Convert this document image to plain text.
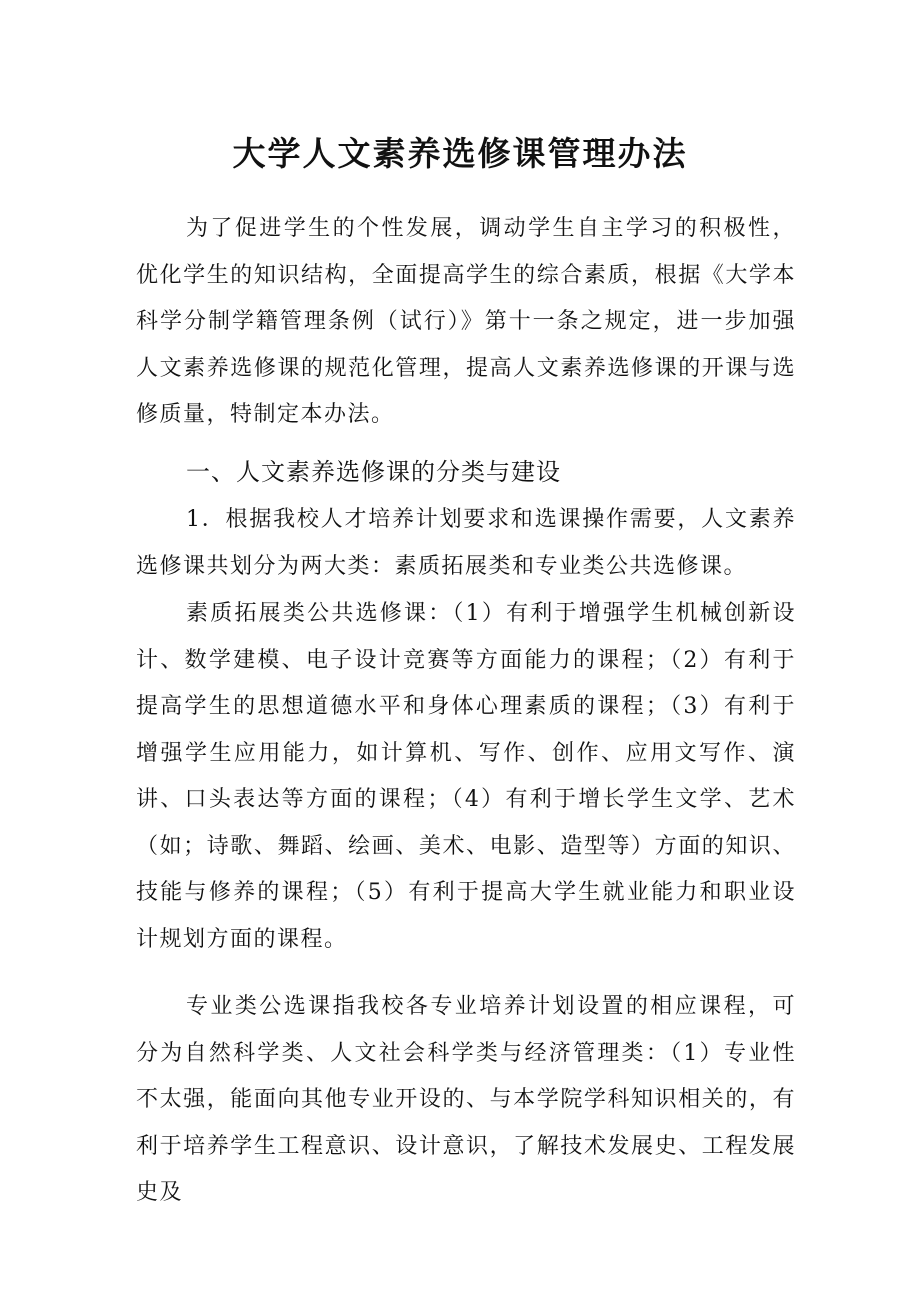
大学人文素养选修课管理办法

为了促进学生的个性发展，调动学生自主学习的积极性，优化学生的知识结构，全面提高学生的综合素质，根据《大学本科学分制学籍管理条例（试行）》第十一条之规定，进一步加强人文素养选修课的规范化管理，提高人文素养选修课的开课与选修质量，特制定本办法。

一、人文素养选修课的分类与建设

1．根据我校人才培养计划要求和选课操作需要，人文素养选修课共划分为两大类：素质拓展类和专业类公共选修课。

素质拓展类公共选修课：（1）有利于增强学生机械创新设计、数学建模、电子设计竞赛等方面能力的课程；（2）有利于提高学生的思想道德水平和身体心理素质的课程；（3）有利于增强学生应用能力，如计算机、写作、创作、应用文写作、演讲、口头表达等方面的课程；（4）有利于增长学生文学、艺术（如；诗歌、舞蹈、绘画、美术、电影、造型等）方面的知识、技能与修养的课程；（5）有利于提高大学生就业能力和职业设计规划方面的课程。

专业类公选课指我校各专业培养计划设置的相应课程，可分为自然科学类、人文社会科学类与经济管理类：（1）专业性不太强，能面向其他专业开设的、与本学院学科知识相关的，有利于培养学生工程意识、设计意识，了解技术发展史、工程发展史及
